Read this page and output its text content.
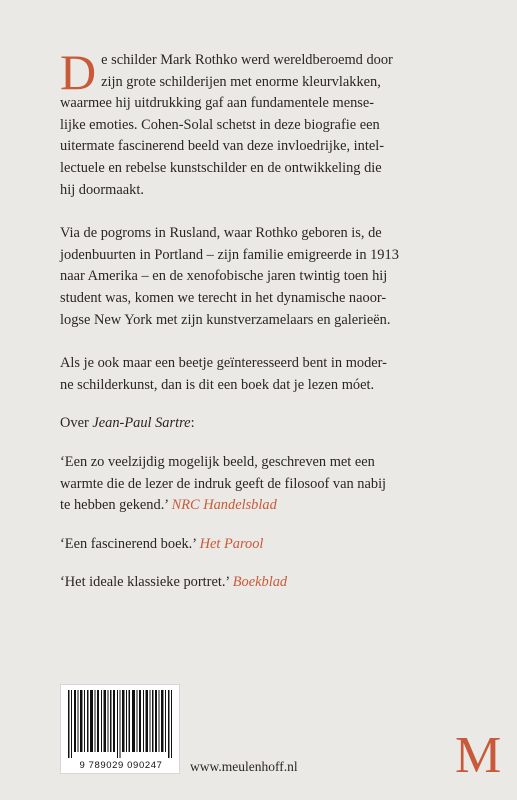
D e schilder Mark Rothko werd wereldberoemd door
zijn grote schilderijen met enorme kleurvlakken,
waarmee hij uitdrukking gaf aan fundamentele mense-
lijke emoties. Cohen-Solal schetst in deze biografie een
uitermate fascinerend beeld van deze invloedrijke, intel-
lectuele en rebelse kunstschilder en de ontwikkeling die
hij doormaakt.
Via de pogroms in Rusland, waar Rothko geboren is, de
jodenbuurten in Portland – zijn familie emigreerde in 1913
naar Amerika – en de xenofobische jaren twintig toen hij
student was, komen we terecht in het dynamische naoor-
logse New York met zijn kunstverzamelaars en galerieën.
Als je ook maar een beetje geïnteresseerd bent in moder-
ne schilderkunst, dan is dit een boek dat je lezen móet.
Over Jean-Paul Sartre:
‘Een zo veelzijdig mogelijk beeld, geschreven met een
warmte die de lezer de indruk geeft de filosoof van nabij
te hebben gekend.’ NRC Handelsblad
‘Een fascinerend boek.’ Het Parool
‘Het ideale klassieke portret.’ Boekblad
9 789029 090247	www.meulenhoff.nl	M
